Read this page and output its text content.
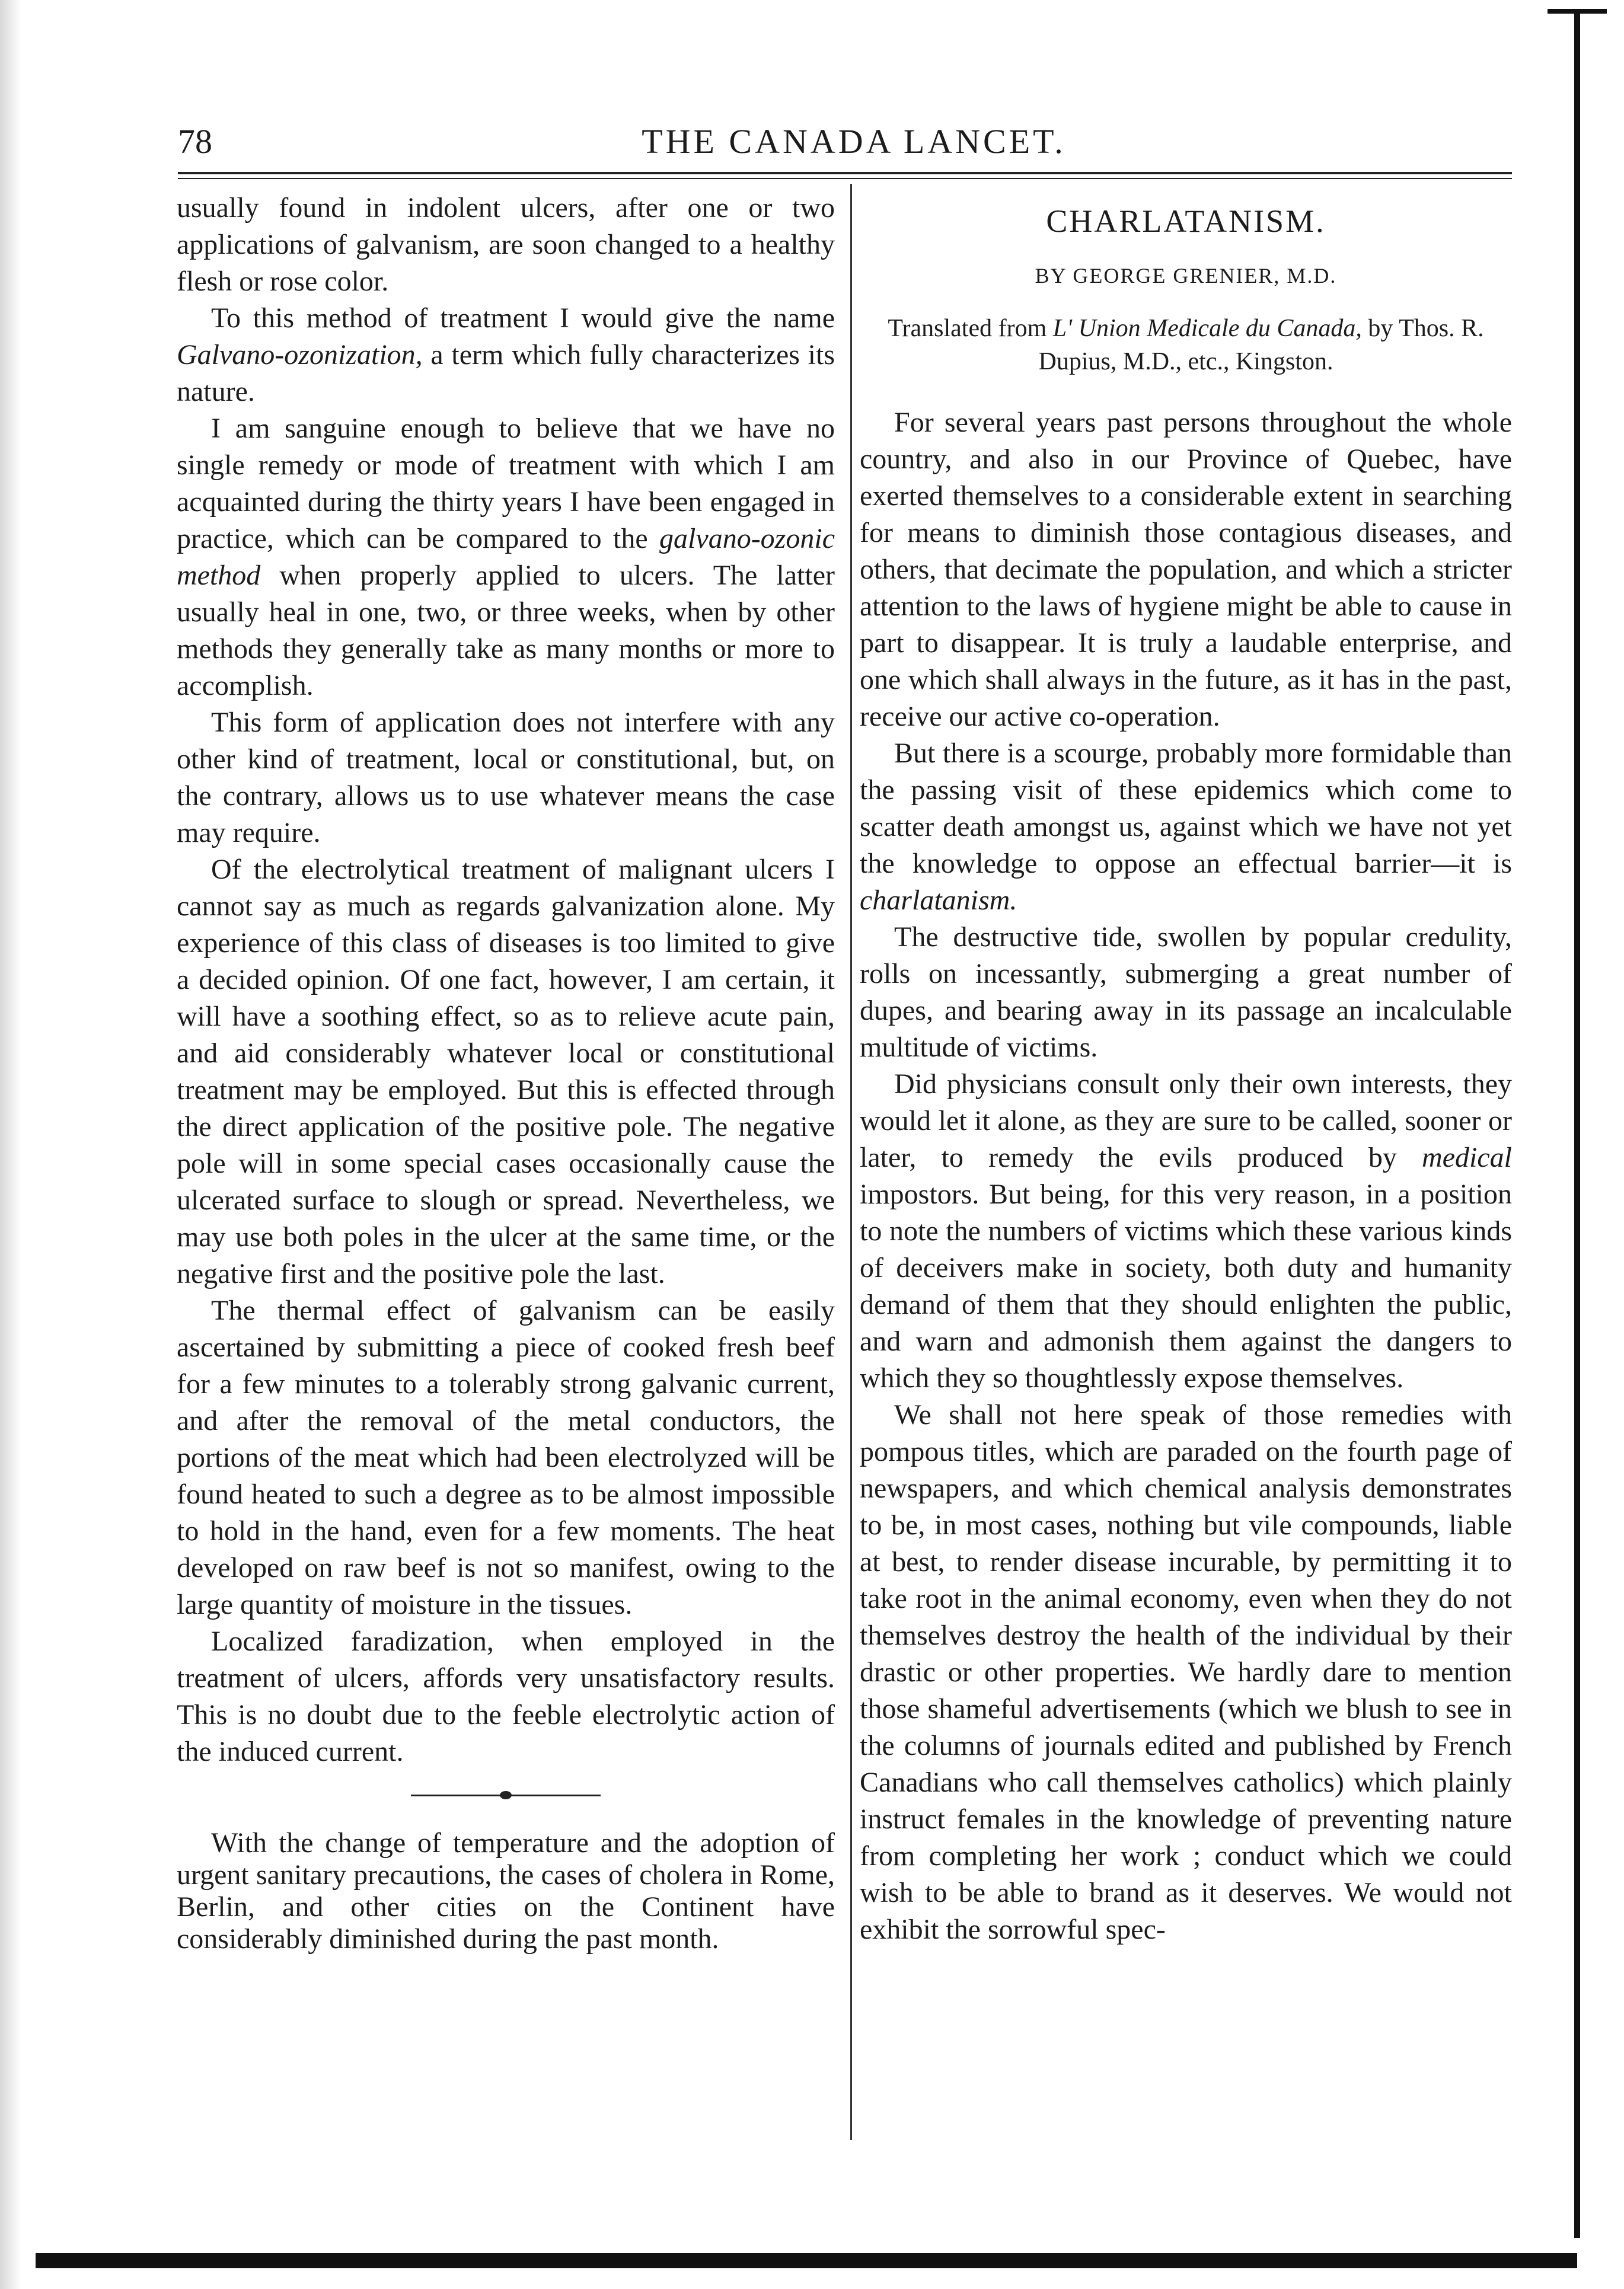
78	THE CANADA LANCET.

usually found in indolent ulcers, after one or two applications of galvanism, are soon changed to a healthy flesh or rose color.

To this method of treatment I would give the name Galvano-ozonization, a term which fully characterizes its nature.

I am sanguine enough to believe that we have no single remedy or mode of treatment with which I am acquainted during the thirty years I have been engaged in practice, which can be compared to the galvano-ozonic method when properly applied to ulcers. The latter usually heal in one, two, or three weeks, when by other methods they generally take as many months or more to accomplish.

This form of application does not interfere with any other kind of treatment, local or constitutional, but, on the contrary, allows us to use whatever means the case may require.

Of the electrolytical treatment of malignant ulcers I cannot say as much as regards galvanization alone. My experience of this class of diseases is too limited to give a decided opinion. Of one fact, however, I am certain, it will have a soothing effect, so as to relieve acute pain, and aid considerably whatever local or constitutional treatment may be employed. But this is effected through the direct application of the positive pole. The negative pole will in some special cases occasionally cause the ulcerated surface to slough or spread. Nevertheless, we may use both poles in the ulcer at the same time, or the negative first and the positive pole the last.

The thermal effect of galvanism can be easily ascertained by submitting a piece of cooked fresh beef for a few minutes to a tolerably strong galvanic current, and after the removal of the metal conductors, the portions of the meat which had been electrolyzed will be found heated to such a degree as to be almost impossible to hold in the hand, even for a few moments. The heat developed on raw beef is not so manifest, owing to the large quantity of moisture in the tissues.

Localized faradization, when employed in the treatment of ulcers, affords very unsatisfactory results. This is no doubt due to the feeble electrolytic action of the induced current.

With the change of temperature and the adoption of urgent sanitary precautions, the cases of cholera in Rome, Berlin, and other cities on the Continent have considerably diminished during the past month.

CHARLATANISM.
BY GEORGE GRENIER, M.D.
Translated from L' Union Medicale du Canada, by Thos. R. Dupius, M.D., etc., Kingston.

For several years past persons throughout the whole country, and also in our Province of Quebec, have exerted themselves to a considerable extent in searching for means to diminish those contagious diseases, and others, that decimate the population, and which a stricter attention to the laws of hygiene might be able to cause in part to disappear. It is truly a laudable enterprise, and one which shall always in the future, as it has in the past, receive our active co-operation.

But there is a scourge, probably more formidable than the passing visit of these epidemics which come to scatter death amongst us, against which we have not yet the knowledge to oppose an effectual barrier—it is charlatanism.

The destructive tide, swollen by popular credulity, rolls on incessantly, submerging a great number of dupes, and bearing away in its passage an incalculable multitude of victims.

Did physicians consult only their own interests, they would let it alone, as they are sure to be called, sooner or later, to remedy the evils produced by medical impostors. But being, for this very reason, in a position to note the numbers of victims which these various kinds of deceivers make in society, both duty and humanity demand of them that they should enlighten the public, and warn and admonish them against the dangers to which they so thoughtlessly expose themselves.

We shall not here speak of those remedies with pompous titles, which are paraded on the fourth page of newspapers, and which chemical analysis demonstrates to be, in most cases, nothing but vile compounds, liable at best, to render disease incurable, by permitting it to take root in the animal economy, even when they do not themselves destroy the health of the individual by their drastic or other properties. We hardly dare to mention those shameful advertisements (which we blush to see in the columns of journals edited and published by French Canadians who call themselves catholics) which plainly instruct females in the knowledge of preventing nature from completing her work ; conduct which we could wish to be able to brand as it deserves. We would not exhibit the sorrowful spec-
